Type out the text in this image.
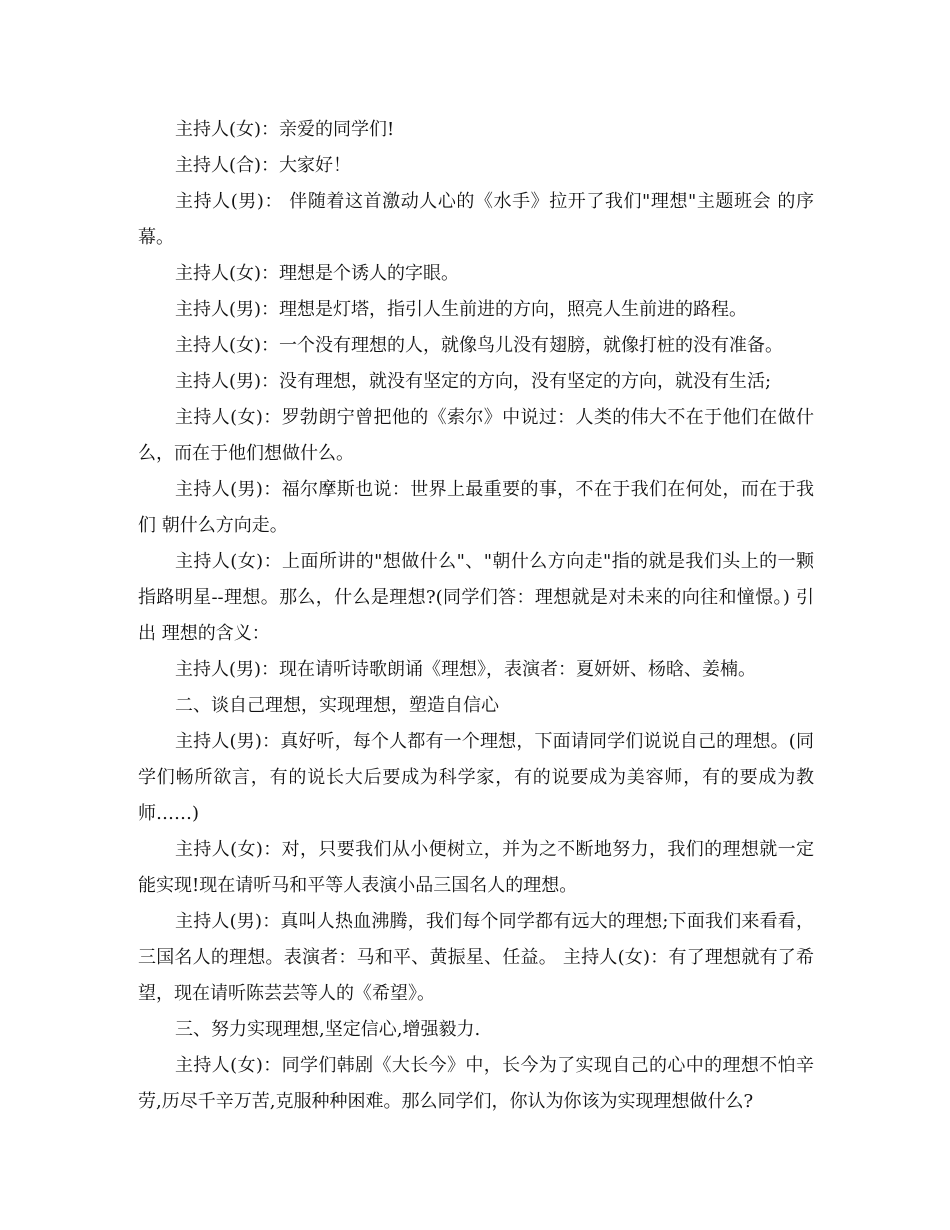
主持人(女)：亲爱的同学们!

主持人(合)：大家好！

主持人(男)： 伴随着这首激动人心的《水手》拉开了我们"理想"主题班会 的序幕。

主持人(女)：理想是个诱人的字眼。

主持人(男)：理想是灯塔，指引人生前进的方向，照亮人生前进的路程。

主持人(女)：一个没有理想的人，就像鸟儿没有翅膀，就像打桩的没有准备。

主持人(男)：没有理想，就没有坚定的方向，没有坚定的方向，就没有生活;

主持人(女)：罗勃朗宁曾把他的《索尔》中说过：人类的伟大不在于他们在做什么，而在于他们想做什么。

主持人(男)：福尔摩斯也说：世界上最重要的事，不在于我们在何处，而在于我们 朝什么方向走。

主持人(女)：上面所讲的"想做什么"、"朝什么方向走"指的就是我们头上的一颗指路明星--理想。那么，什么是理想?(同学们答：理想就是对未来的向往和憧憬。) 引出 理想的含义：

主持人(男)：现在请听诗歌朗诵《理想》，表演者：夏妍妍、杨晗、姜楠。

二、谈自己理想，实现理想，塑造自信心

主持人(男)：真好听，每个人都有一个理想，下面请同学们说说自己的理想。(同学们畅所欲言，有的说长大后要成为科学家，有的说要成为美容师，有的要成为教师……)

主持人(女)：对，只要我们从小便树立，并为之不断地努力，我们的理想就一定能实现!现在请听马和平等人表演小品三国名人的理想。

主持人(男)：真叫人热血沸腾，我们每个同学都有远大的理想;下面我们来看看，三国名人的理想。表演者：马和平、黄振星、任益。 主持人(女)：有了理想就有了希望，现在请听陈芸芸等人的《希望》。

三、努力实现理想,坚定信心,增强毅力.

主持人(女)：同学们韩剧《大长今》中，长今为了实现自己的心中的理想不怕辛劳,历尽千辛万苦,克服种种困难。那么同学们，你认为你该为实现理想做什么?
